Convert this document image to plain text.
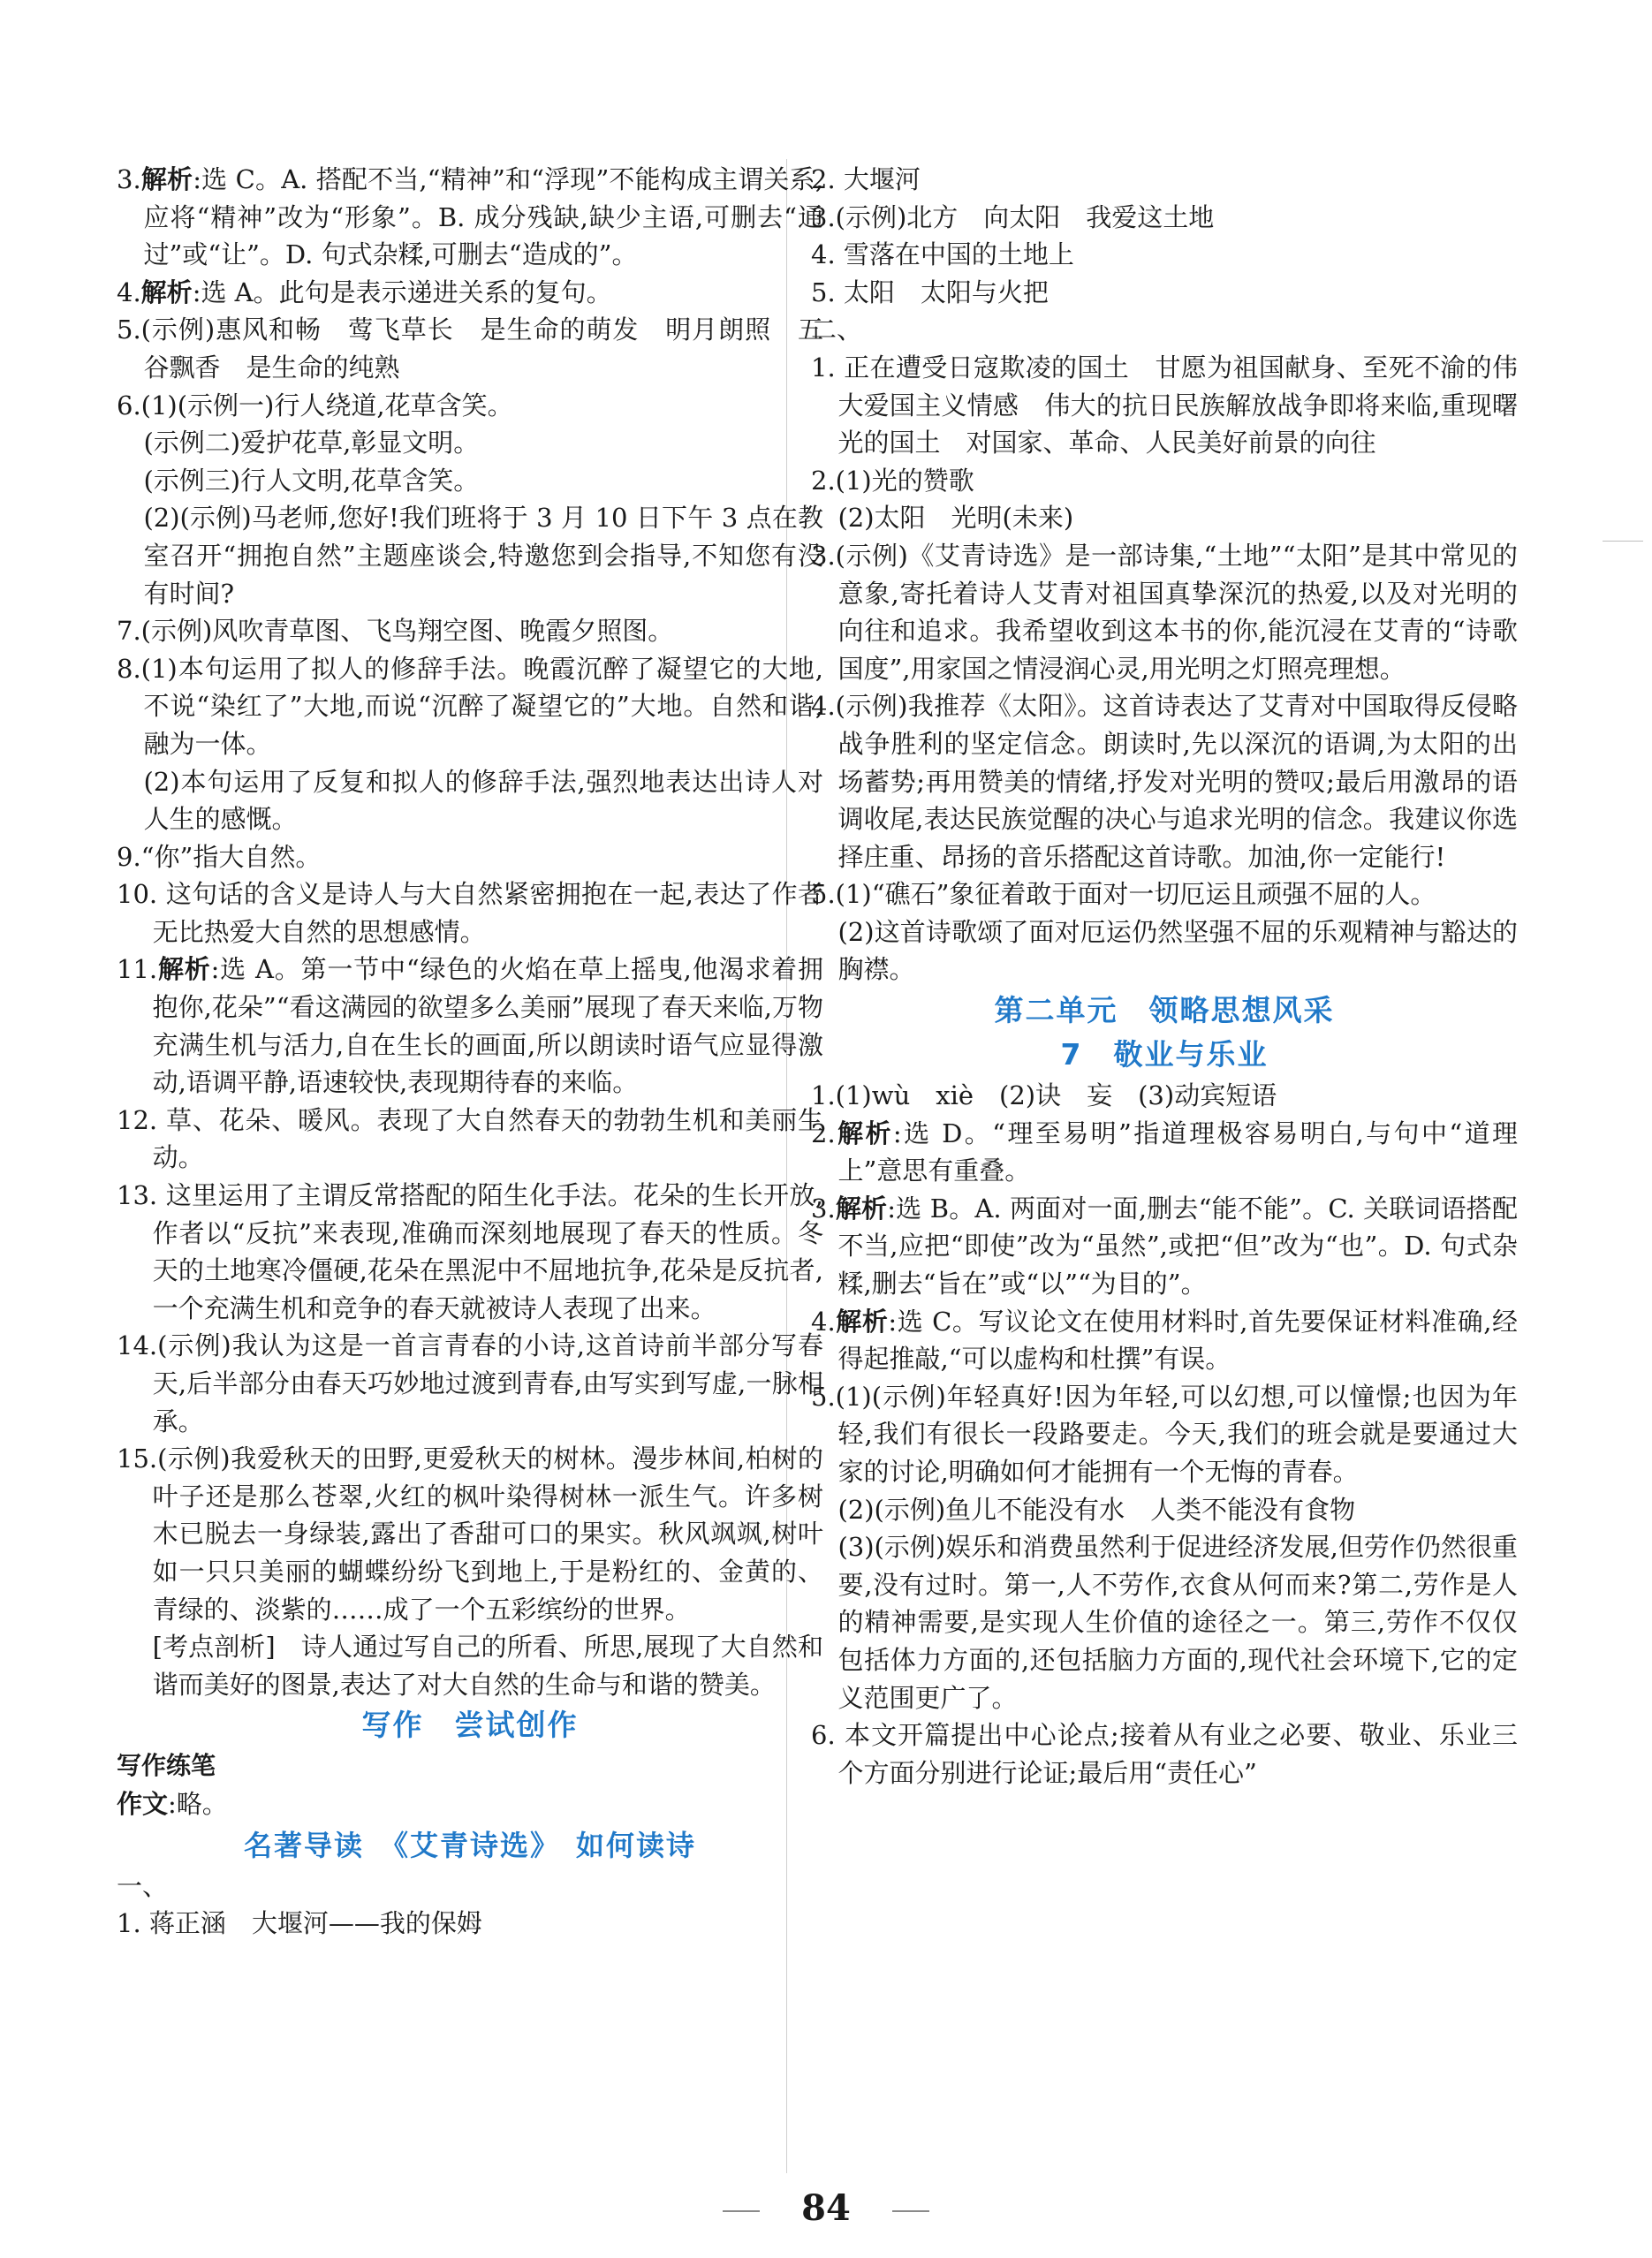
3.解析:选 C。A. 搭配不当,“精神”和“浮现”不能构成主谓关系,应将“精神”改为“形象”。B. 成分残缺,缺少主语,可删去“通过”或“让”。D. 句式杂糅,可删去“造成的”。

4.解析:选 A。此句是表示递进关系的复句。

5.(示例)惠风和畅　莺飞草长　是生命的萌发　明月朗照　五谷飘香　是生命的纯熟

6.(1)(示例一)行人绕道,花草含笑。

(示例二)爱护花草,彰显文明。

(示例三)行人文明,花草含笑。

(2)(示例)马老师,您好!我们班将于 3 月 10 日下午 3 点在教室召开“拥抱自然”主题座谈会,特邀您到会指导,不知您有没有时间?

7.(示例)风吹青草图、飞鸟翔空图、晚霞夕照图。

8.(1)本句运用了拟人的修辞手法。晚霞沉醉了凝望它的大地,不说“染红了”大地,而说“沉醉了凝望它的”大地。自然和谐,融为一体。

(2)本句运用了反复和拟人的修辞手法,强烈地表达出诗人对人生的感慨。

9.“你”指大自然。

10. 这句话的含义是诗人与大自然紧密拥抱在一起,表达了作者无比热爱大自然的思想感情。

11.解析:选 A。第一节中“绿色的火焰在草上摇曳,他渴求着拥抱你,花朵”“看这满园的欲望多么美丽”展现了春天来临,万物充满生机与活力,自在生长的画面,所以朗读时语气应显得激动,语调平静,语速较快,表现期待春的来临。

12. 草、花朵、暖风。表现了大自然春天的勃勃生机和美丽生动。

13. 这里运用了主谓反常搭配的陌生化手法。花朵的生长开放,作者以“反抗”来表现,准确而深刻地展现了春天的性质。冬天的土地寒冷僵硬,花朵在黑泥中不屈地抗争,花朵是反抗者,一个充满生机和竞争的春天就被诗人表现了出来。

14.(示例)我认为这是一首言青春的小诗,这首诗前半部分写春天,后半部分由春天巧妙地过渡到青春,由写实到写虚,一脉相承。

15.(示例)我爱秋天的田野,更爱秋天的树林。漫步林间,柏树的叶子还是那么苍翠,火红的枫叶染得树林一派生气。许多树木已脱去一身绿装,露出了香甜可口的果实。秋风飒飒,树叶如一只只美丽的蝴蝶纷纷飞到地上,于是粉红的、金黄的、青绿的、淡紫的……成了一个五彩缤纷的世界。

[考点剖析]　诗人通过写自己的所看、所思,展现了大自然和谐而美好的图景,表达了对大自然的生命与和谐的赞美。

写作　尝试创作

写作练笔

作文:略。

名著导读　《艾青诗选》　如何读诗

一、

1. 蒋正涵　大堰河——我的保姆

2. 大堰河

3.(示例)北方　向太阳　我爱这土地

4. 雪落在中国的土地上

5. 太阳　太阳与火把

二、

1. 正在遭受日寇欺凌的国土　甘愿为祖国献身、至死不渝的伟大爱国主义情感　伟大的抗日民族解放战争即将来临,重现曙光的国土　对国家、革命、人民美好前景的向往

2.(1)光的赞歌

(2)太阳　光明(未来)

3.(示例)《艾青诗选》是一部诗集,“土地”“太阳”是其中常见的意象,寄托着诗人艾青对祖国真挚深沉的热爱,以及对光明的向往和追求。我希望收到这本书的你,能沉浸在艾青的“诗歌国度”,用家国之情浸润心灵,用光明之灯照亮理想。

4.(示例)我推荐《太阳》。这首诗表达了艾青对中国取得反侵略战争胜利的坚定信念。朗读时,先以深沉的语调,为太阳的出场蓄势;再用赞美的情绪,抒发对光明的赞叹;最后用激昂的语调收尾,表达民族觉醒的决心与追求光明的信念。我建议你选择庄重、昂扬的音乐搭配这首诗歌。加油,你一定能行!

5.(1)“礁石”象征着敢于面对一切厄运且顽强不屈的人。

(2)这首诗歌颂了面对厄运仍然坚强不屈的乐观精神与豁达的胸襟。

第二单元　领略思想风采

7　敬业与乐业

1.(1)wù　xiè　(2)诀　妄　(3)动宾短语

2.解析:选 D。“理至易明”指道理极容易明白,与句中“道理上”意思有重叠。

3.解析:选 B。A. 两面对一面,删去“能不能”。C. 关联词语搭配不当,应把“即使”改为“虽然”,或把“但”改为“也”。D. 句式杂糅,删去“旨在”或“以”“为目的”。

4.解析:选 C。写议论文在使用材料时,首先要保证材料准确,经得起推敲,“可以虚构和杜撰”有误。

5.(1)(示例)年轻真好!因为年轻,可以幻想,可以憧憬;也因为年轻,我们有很长一段路要走。今天,我们的班会就是要通过大家的讨论,明确如何才能拥有一个无悔的青春。

(2)(示例)鱼儿不能没有水　人类不能没有食物

(3)(示例)娱乐和消费虽然利于促进经济发展,但劳作仍然很重要,没有过时。第一,人不劳作,衣食从何而来?第二,劳作是人的精神需要,是实现人生价值的途径之一。第三,劳作不仅仅包括体力方面的,还包括脑力方面的,现代社会环境下,它的定义范围更广了。

6. 本文开篇提出中心论点;接着从有业之必要、敬业、乐业三个方面分别进行论证;最后用“责任心”

84
